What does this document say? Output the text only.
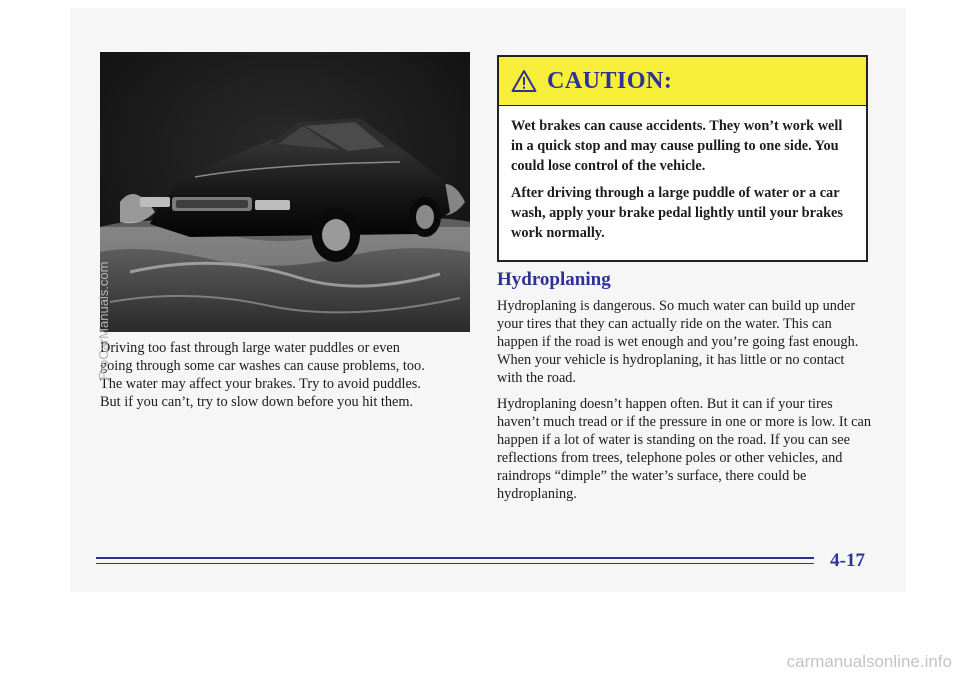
Driving too fast through large water puddles or even

going through some car washes can cause problems, too.

The water may affect your brakes. Try to avoid puddles.

But if you can’t, try to slow down before you hit them.

CAUTION:

Wet brakes can cause accidents. They won’t work well in a quick stop and may cause pulling to one side. You could lose control of the vehicle.

After driving through a large puddle of water or a car wash, apply your brake pedal lightly until your brakes work normally.

Hydroplaning

Hydroplaning is dangerous. So much water can build up under your tires that they can actually ride on the water. This can happen if the road is wet enough and you’re going fast enough. When your vehicle is hydroplaning, it has little or no contact with the road.

Hydroplaning doesn’t happen often. But it can if your tires haven’t much tread or if the pressure in one or more is low. It can happen if a lot of water is standing on the road. If you can see reflections from trees, telephone poles or other vehicles, and raindrops “dimple” the water’s surface, there could be hydroplaning.

4-17
ProCarManuals.com
carmanualsonline.info
